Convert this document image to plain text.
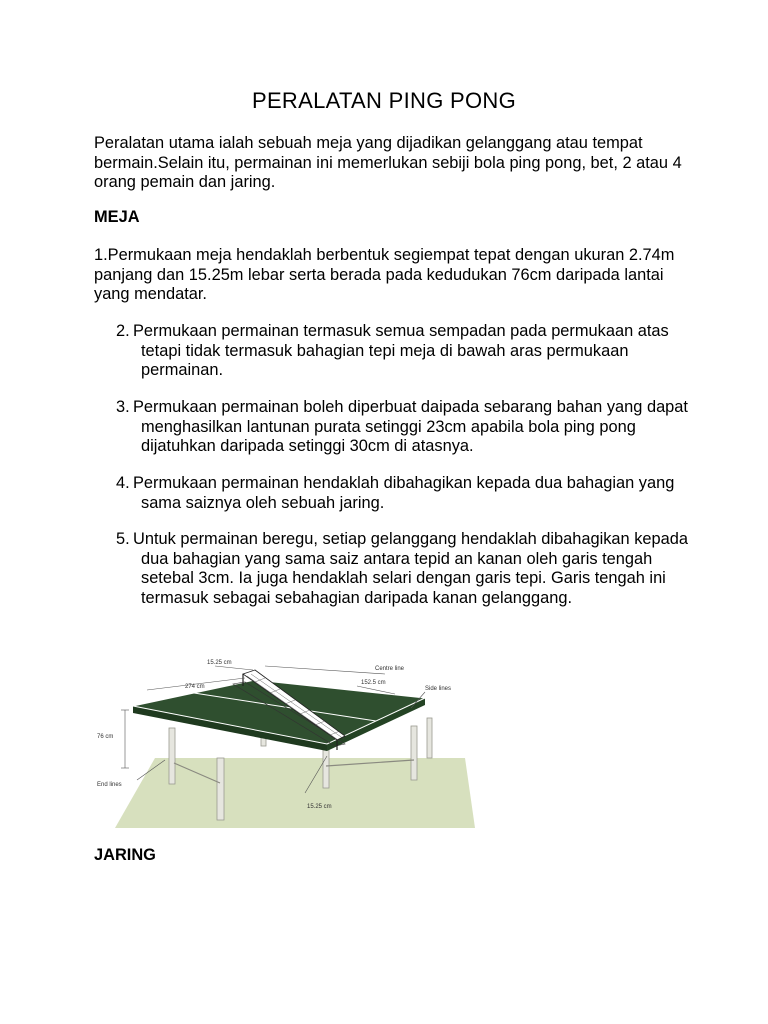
PERALATAN PING PONG

Peralatan utama ialah sebuah meja yang dijadikan gelanggang atau tempat bermain.Selain itu, permainan ini memerlukan sebiji bola ping pong, bet, 2 atau 4 orang pemain dan jaring.

MEJA

1.Permukaan meja hendaklah berbentuk segiempat tepat dengan ukuran 2.74m panjang dan 15.25m lebar serta berada pada kedudukan 76cm daripada lantai yang mendatar.

2. Permukaan permainan termasuk semua sempadan pada permukaan atas tetapi tidak termasuk bahagian tepi meja di bawah aras permukaan permainan.
3. Permukaan permainan boleh diperbuat daipada sebarang bahan yang dapat menghasilkan lantunan purata setinggi 23cm apabila bola ping pong dijatuhkan daripada setinggi 30cm di atasnya.
4. Permukaan permainan hendaklah dibahagikan kepada dua bahagian yang sama saiznya oleh sebuah jaring.
5. Untuk permainan beregu, setiap gelanggang hendaklah dibahagikan kepada dua bahagian yang sama saiz antara tepid an kanan oleh garis tengah setebal 3cm. Ia juga hendaklah selari dengan garis tepi. Garis tengah ini termasuk sebagai sebahagian daripada kanan gelanggang.
15.25 cm
Centre line
274 cm
152.5 cm
Side lines
76 cm
End lines
15.25 cm

JARING
